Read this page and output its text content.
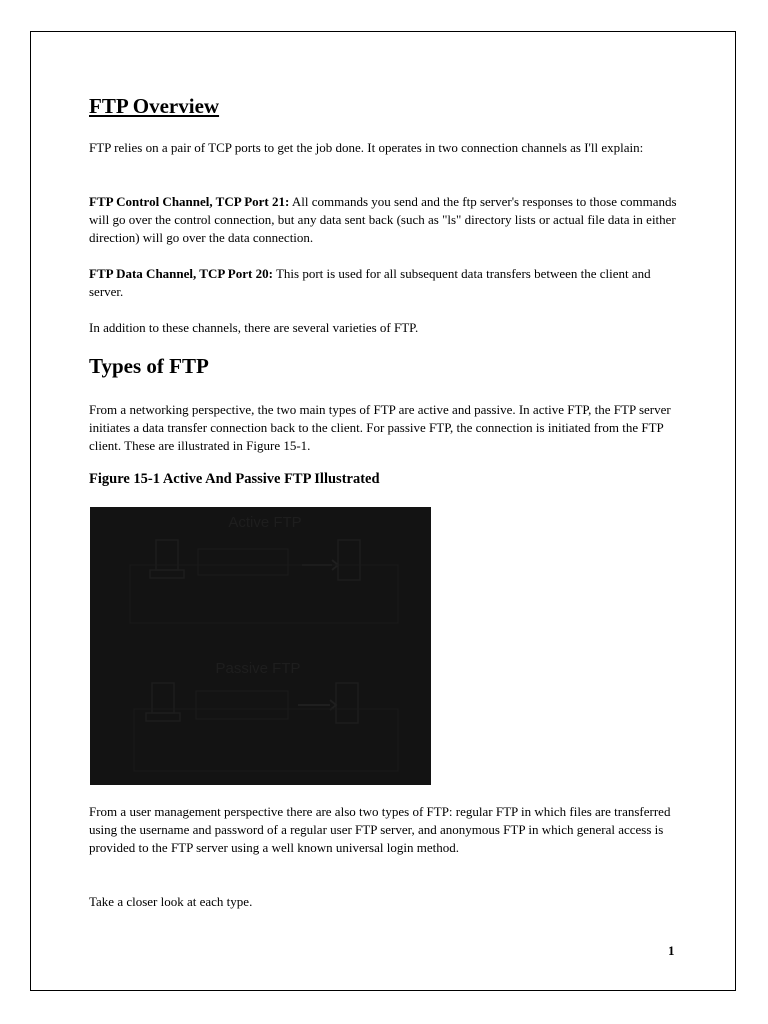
FTP Overview

FTP relies on a pair of TCP ports to get the job done. It operates in two connection channels as I'll explain:

FTP Control Channel, TCP Port 21: All commands you send and the ftp server's responses to those commands will go over the control connection, but any data sent back (such as "ls" directory lists or actual file data in either direction) will go over the data connection.

FTP Data Channel, TCP Port 20: This port is used for all subsequent data transfers between the client and server.

In addition to these channels, there are several varieties of FTP.

Types of FTP

From a networking perspective, the two main types of FTP are active and passive. In active FTP, the FTP server initiates a data transfer connection back to the client. For passive FTP, the connection is initiated from the FTP client. These are illustrated in Figure 15-1.

Figure 15-1 Active And Passive FTP Illustrated
Active FTP
Passive FTP

From a user management perspective there are also two types of FTP: regular FTP in which files are transferred using the username and password of a regular user FTP server, and anonymous FTP in which general access is provided to the FTP server using a well known universal login method.

Take a closer look at each type.

1
